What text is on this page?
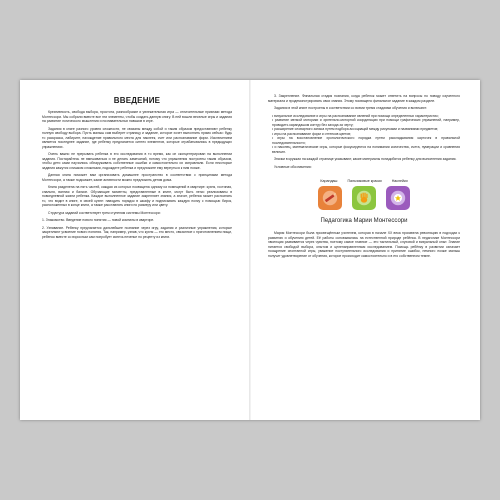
ВВЕДЕНИЕ

Креативность, свобода выбора, простота, разнообразие и увлекательная игра — отличительные признаки метода Монтессори. Мы собрали вместе все эти элементы, чтобы создать данную книгу. В ней вошли веселые игры и задания на развитие логического мышления и познавательных навыков в игре.

Задания в книге разного уровня сложности, не связаны между собой и таким образом предоставляют ребенку полную свободу выбора. Пусть малыш сам выберет страницу и задание, которое хочет выполнить прямо сейчас: будь то раскраска, лабиринт, нахождение правильного места для наклеек, счет или распознавание форм. Исключением является последнее задание, где ребенку предлагается синтез элементов, которые отрабатывались в предыдущих упражнениях.

Очень важно не прерывать ребенка в его исследования в то время, как он сконцентрирован на выполнении задания. Постарайтесь не вмешиваться и не делать замечаний, потому что упражнения построены таким образом, чтобы дети сами научились обнаруживать собственные ошибки и самостоятельно их исправляли. Если некоторые задания кажутся слишком сложными, подождите ребенка и предложите ему вернуться к ним позже.

Данная книга поможет вам организовать домашнее пространство в соответствии с принципами метода Монтессори, а также подскажет, какие активности можно предложить детям дома.

Книга разделена на пять частей, каждая из которых посвящена одному из помещений в квартире: кухня, гостиная, спальня, ванная и балкон. Обучающие моменты, представленные в книге, могут быть легко реализованы в повседневной жизни ребенка. Каждое выполненное задание закрепляет знания, а значит, ребенок может распознать то, что видит в книге, в своей кухне: наводить порядок в шкафу и подписывать каждую полку с помощью бирок, расположенных в конце книги, а также расставлять книги по размеру или цвету.

Структура заданий соответствует трем ступеням системы Монтессори:

1. Знакомство. Введение нового понятия — новой комнаты в квартире.

2. Узнавание. Ребенку предлагается дальнейшее познание через игру, задания и различные упражнения, которые закрепляют усвоение нового понятия. Так, например, узнав, что кухня — это место, связанное с приготовлением пищи, ребенок вместе со взрослым сам попробует испечь печенье по рецепту из книги.

3. Закрепление. Финальная стадия познания, когда ребенок может ответить на вопросы по поводу изученного материала и продемонстрировать свои знания. Этому посвящено финальное задание в каждом разделе.

Задания в этой книге построены в соответствии со всеми тремя стадиями обучения и включают:

• визуальное исследование и игры на распознавание явлений при помощи определенных характеристик;
• развитие мелкой моторики и зрительно-моторной координации при помощи графических упражнений, например, проводить карандашом контур без захода за черту;
• расширение словарного запаса путем подбора ассоциаций между рисунками и названиями предметов;
• игры на распознавание форм и оттенков цветов;
• игры на восстановление хронологического порядка путем раскладывания карточек в правильной последовательности;
• и наконец, математические игры, которые фокусируются на понимании количества, счета, нумерации и сравнения величин.

Значки в кружках на каждой странице указывают, какие материалы понадобятся ребенку для выполнения задания.

Условные обозначения:

Карандаш	Пальчиковые краски	Наклейки
Педагогика Марии Монтессори

Мария Монтессори была просвещённым учителем, которая в начале XX века произвела революцию в подходах к развитию и обучению детей. Её работы основывались на естественной природе ребёнка. В педагогике Монтессори эволюция развивается через чувства, поэтому самое главное — это тактильный, слуховой и визуальный опыт. Знание питается свободой выбора, опытом и целенаправленным исследованием. Помощь ребёнку в развитии означает поощрение спонтанной игры, уважение поступательного исследования и принятие ошибок, немного позже малыш получит удовлетворение от обучения, которое происходит самостоятельно и в его собственном темпе.
